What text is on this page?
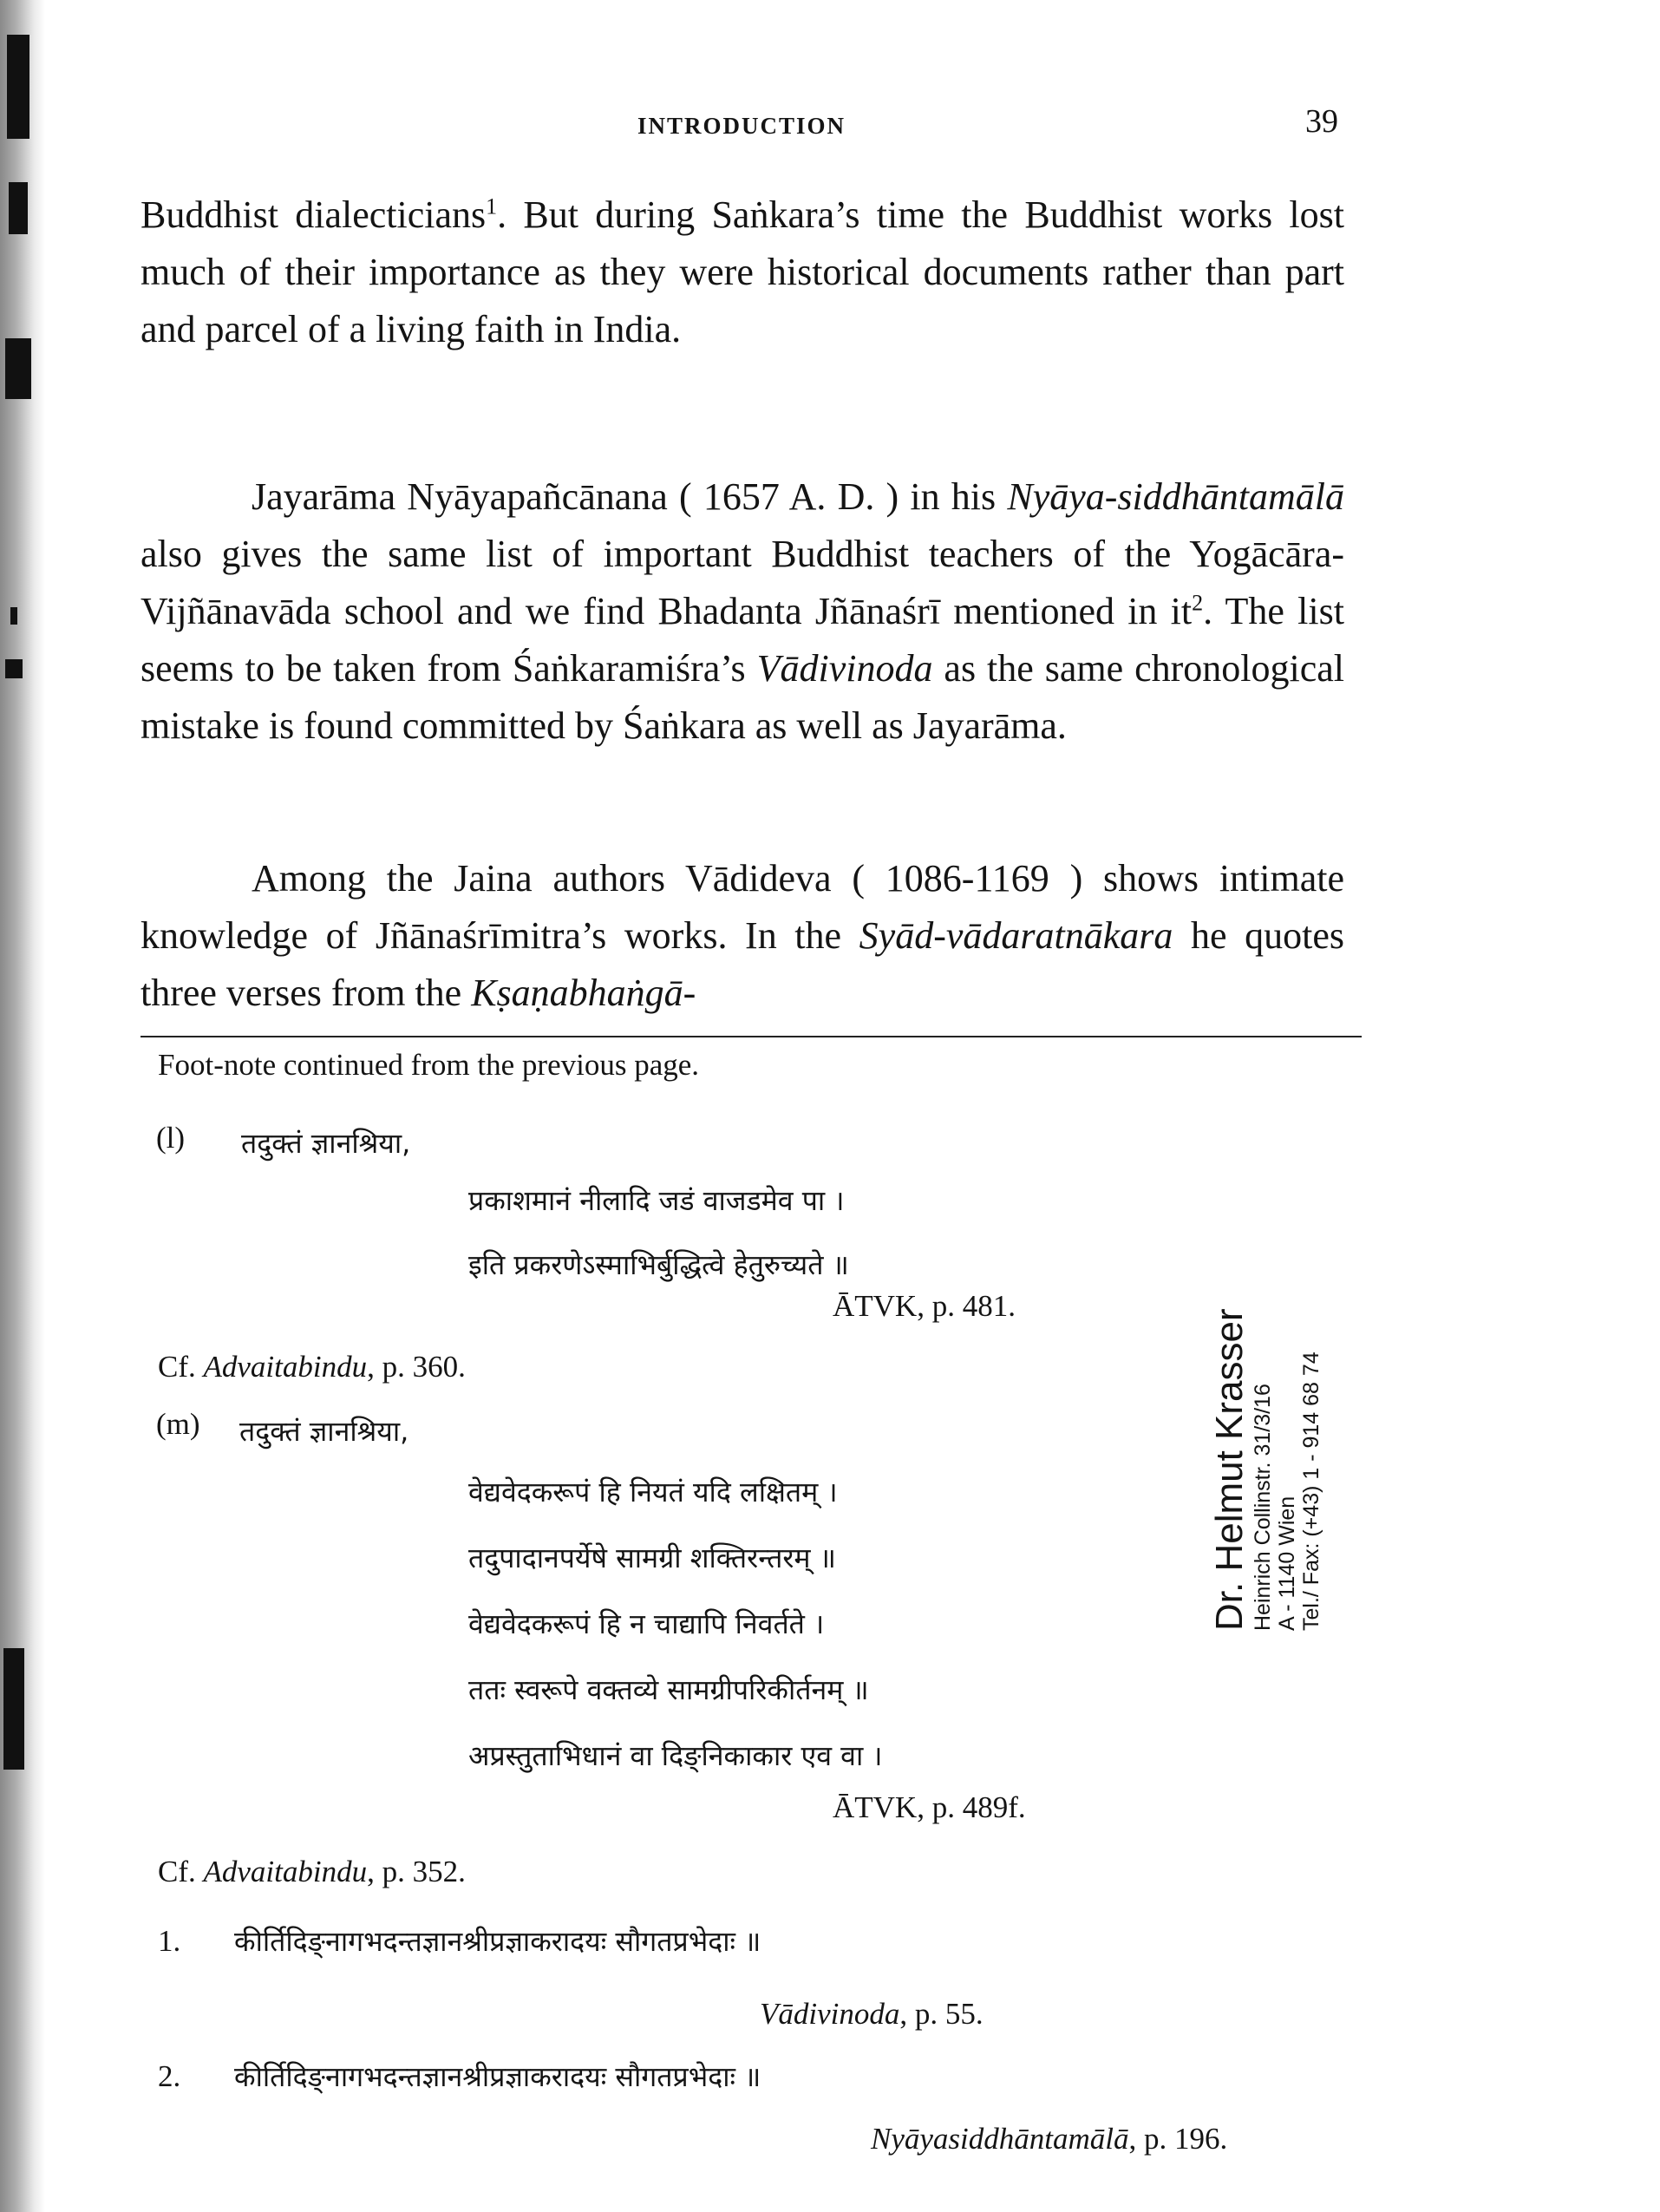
INTRODUCTION	39

Buddhist dialecticians$^1$. But during Saṅkara’s time the Buddhist works lost much of their importance as they were historical documents rather than part and parcel of a living faith in India.

Jayarāma Nyāyapañcānana ( 1657 A. D. ) in his Nyāya-siddhāntamālā also gives the same list of important Buddhist teachers of the Yogācāra-Vijñānavāda school and we find Bhadanta Jñānaśrī mentioned in $it^2$. The list seems to be taken from Śaṅkaramiśra’s Vādivinoda as the same chronological mistake is found committed by Śaṅkara as well as Jayarāma.

Among the Jaina authors Vādideva ( 1086-1169 ) shows intimate knowledge of Jñānaśrīmitra’s works. In the Syād-vādaratnākara he quotes three verses from the Kṣaṇabhaṅgā-

Foot-note continued from the previous page.
(l) तदुक्तं ज्ञानश्रिया,
प्रकाशमानं नीलादि जडं वाजडमेव पा ।
इति प्रकरणेऽस्माभिर्बुद्धित्वे हेतुरुच्यते ॥
ĀTVK, p. 481.
Cf. Advaitabindu, p. 360.
(m) तदुक्तं ज्ञानश्रिया,
वेद्यवेदकरूपं हि नियतं यदि लक्षितम् ।
तदुपादानपर्येषे सामग्री शक्तिरन्तरम् ॥
वेद्यवेदकरूपं हि न चाद्यापि निवर्तते ।
ततः स्वरूपे वक्तव्ये सामग्रीपरिकीर्तनम् ॥
अप्रस्तुताभिधानं वा दिङ्निकाकार एव वा ।
ĀTVK, p. 489f.
Cf. Advaitabindu, p. 352.
1. कीर्तिदिङ्नागभदन्तज्ञानश्रीप्रज्ञाकरादयः सौगतप्रभेदाः ॥
Vādivinoda, p. 55.
2. कीर्तिदिङ्नागभदन्तज्ञानश्रीप्रज्ञाकरादयः सौगतप्रभेदाः ॥
Nyāyasiddhāntamālā, p. 196.
Dr. Helmut Krasser Heinrich Collinstr. 31/3/16 A - 1140 Wien Tel./ Fax: (+43) 1 - 914 68 74
